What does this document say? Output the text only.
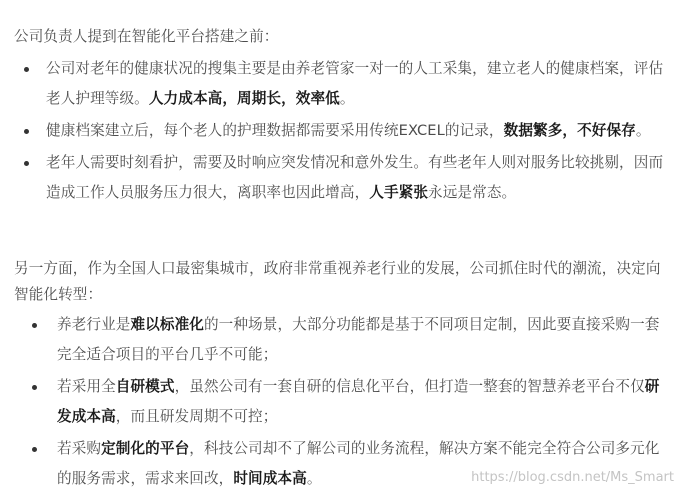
公司负责人提到在智能化平台搭建之前：

公司对老年的健康状况的搜集主要是由养老管家一对一的人工采集，建立老人的健康档案，评估老人护理等级。人力成本高，周期长，效率低。
健康档案建立后，每个老人的护理数据都需要采用传统EXCEL的记录，数据繁多，不好保存。
老年人需要时刻看护，需要及时响应突发情况和意外发生。有些老年人则对服务比较挑剔，因而造成工作人员服务压力很大，离职率也因此增高，人手紧张永远是常态。

另一方面，作为全国人口最密集城市，政府非常重视养老行业的发展，公司抓住时代的潮流，决定向智能化转型：

养老行业是难以标准化的一种场景，大部分功能都是基于不同项目定制，因此要直接采购一套完全适合项目的平台几乎不可能；
若采用全自研模式，虽然公司有一套自研的信息化平台，但打造一整套的智慧养老平台不仅研发成本高，而且研发周期不可控；
若采购定制化的平台，科技公司却不了解公司的业务流程，解决方案不能完全符合公司多元化的服务需求，需求来回改，时间成本高。	https://blog.csdn.net/Ms_Smart
